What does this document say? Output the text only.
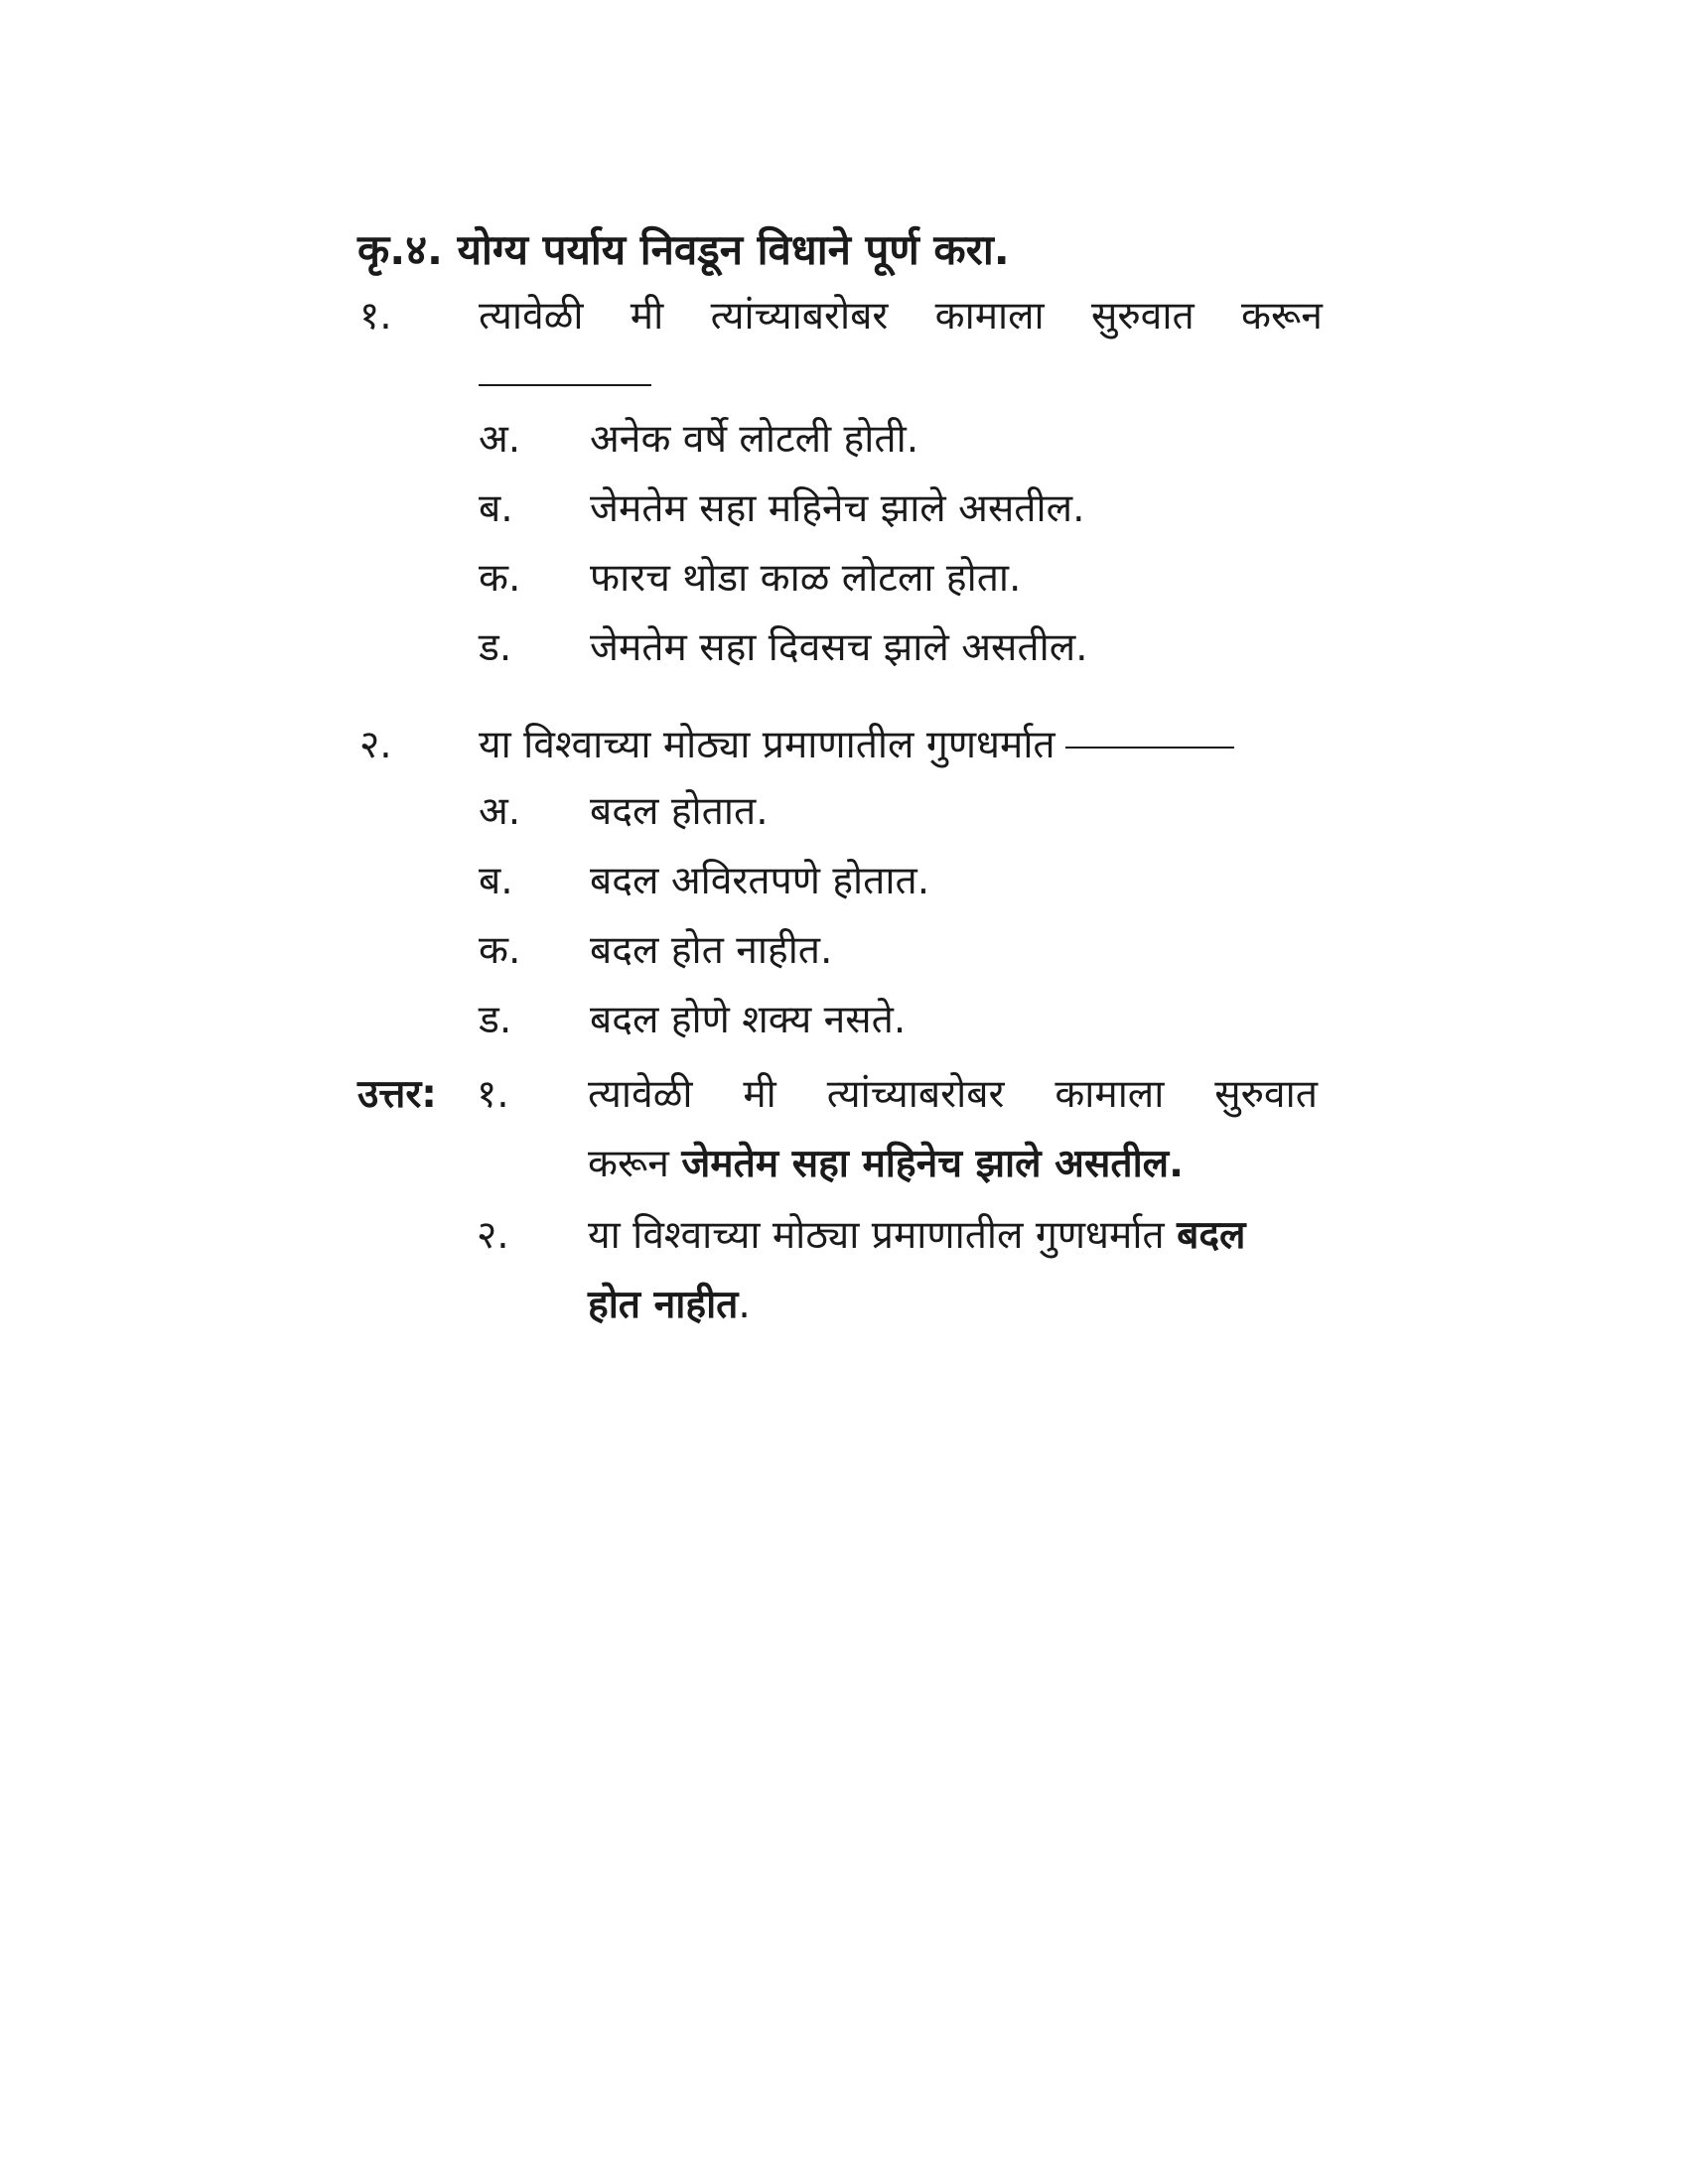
कृ.४. योग्य पर्याय निवडून विधाने पूर्ण करा.
१. त्यावेळी मी त्यांच्याबरोबर कामाला सुरुवात करून
अ. अनेक वर्षे लोटली होती.
ब. जेमतेम सहा महिनेच झाले असतील.
क. फारच थोडा काळ लोटला होता.
ड. जेमतेम सहा दिवसच झाले असतील.
२. या विश्वाच्या मोठ्या प्रमाणातील गुणधर्मात
अ. बदल होतात.
ब. बदल अविरतपणे होतात.
क. बदल होत नाहीत.
ड. बदल होणे शक्य नसते.
उत्तर: १. त्यावेळी मी त्यांच्याबरोबर कामाला सुरुवात
करून जेमतेम सहा महिनेच झाले असतील.
२. या विश्वाच्या मोठ्या प्रमाणातील गुणधर्मात बदल
होत नाहीत.
